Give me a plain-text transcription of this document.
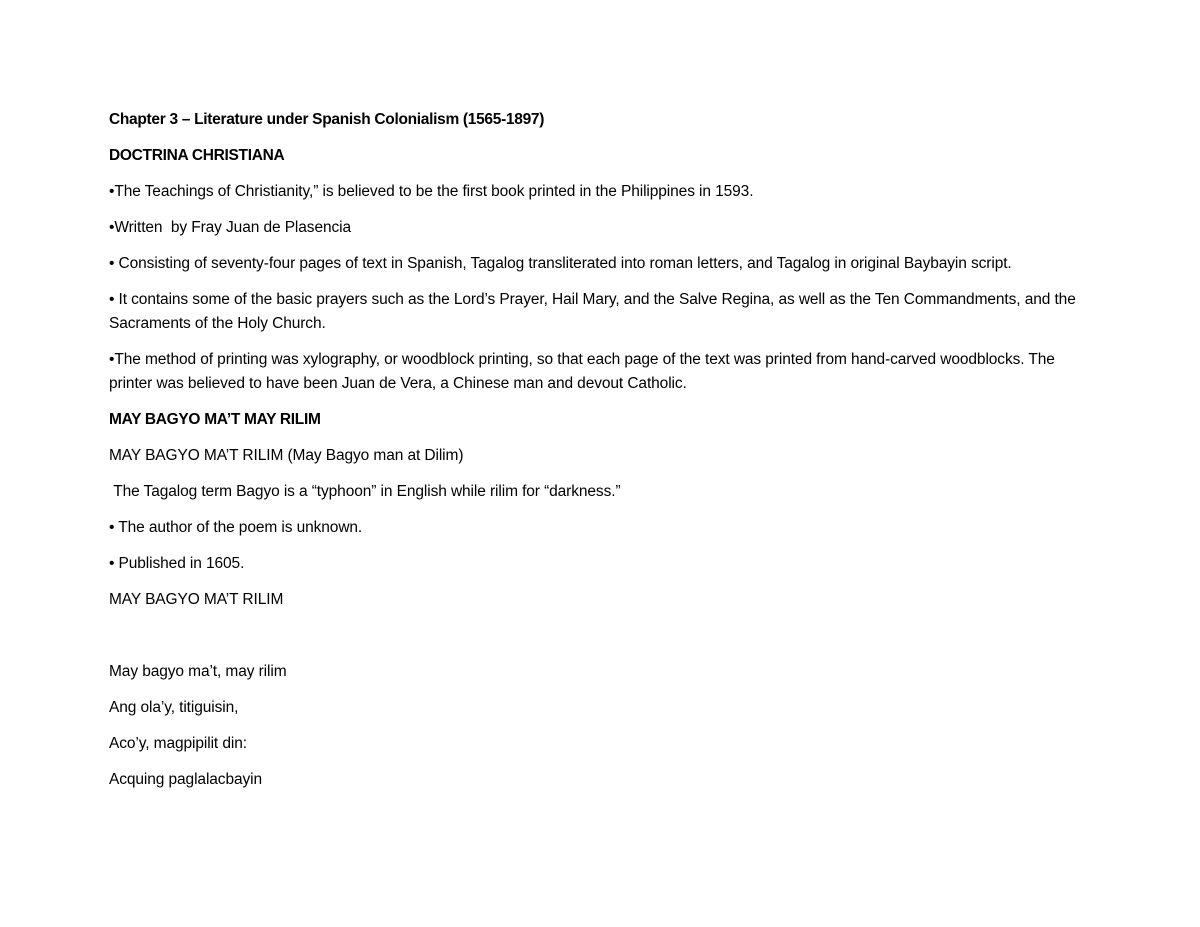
Chapter 3 – Literature under Spanish Colonialism (1565-1897)

DOCTRINA CHRISTIANA

•The Teachings of Christianity,” is believed to be the first book printed in the Philippines in 1593.

•Written  by Fray Juan de Plasencia

• Consisting of seventy-four pages of text in Spanish, Tagalog transliterated into roman letters, and Tagalog in original Baybayin script.

• It contains some of the basic prayers such as the Lord’s Prayer, Hail Mary, and the Salve Regina, as well as the Ten Commandments, and the Sacraments of the Holy Church.

•The method of printing was xylography, or woodblock printing, so that each page of the text was printed from hand-carved woodblocks. The printer was believed to have been Juan de Vera, a Chinese man and devout Catholic.

MAY BAGYO MA’T MAY RILIM

MAY BAGYO MA’T RILIM (May Bagyo man at Dilim)

The Tagalog term Bagyo is a “typhoon” in English while rilim for “darkness.”

• The author of the poem is unknown.

• Published in 1605.

MAY BAGYO MA’T RILIM

May bagyo ma’t, may rilim

Ang ola’y, titiguisin,

Aco’y, magpipilit din:

Acquing paglalacbayin
